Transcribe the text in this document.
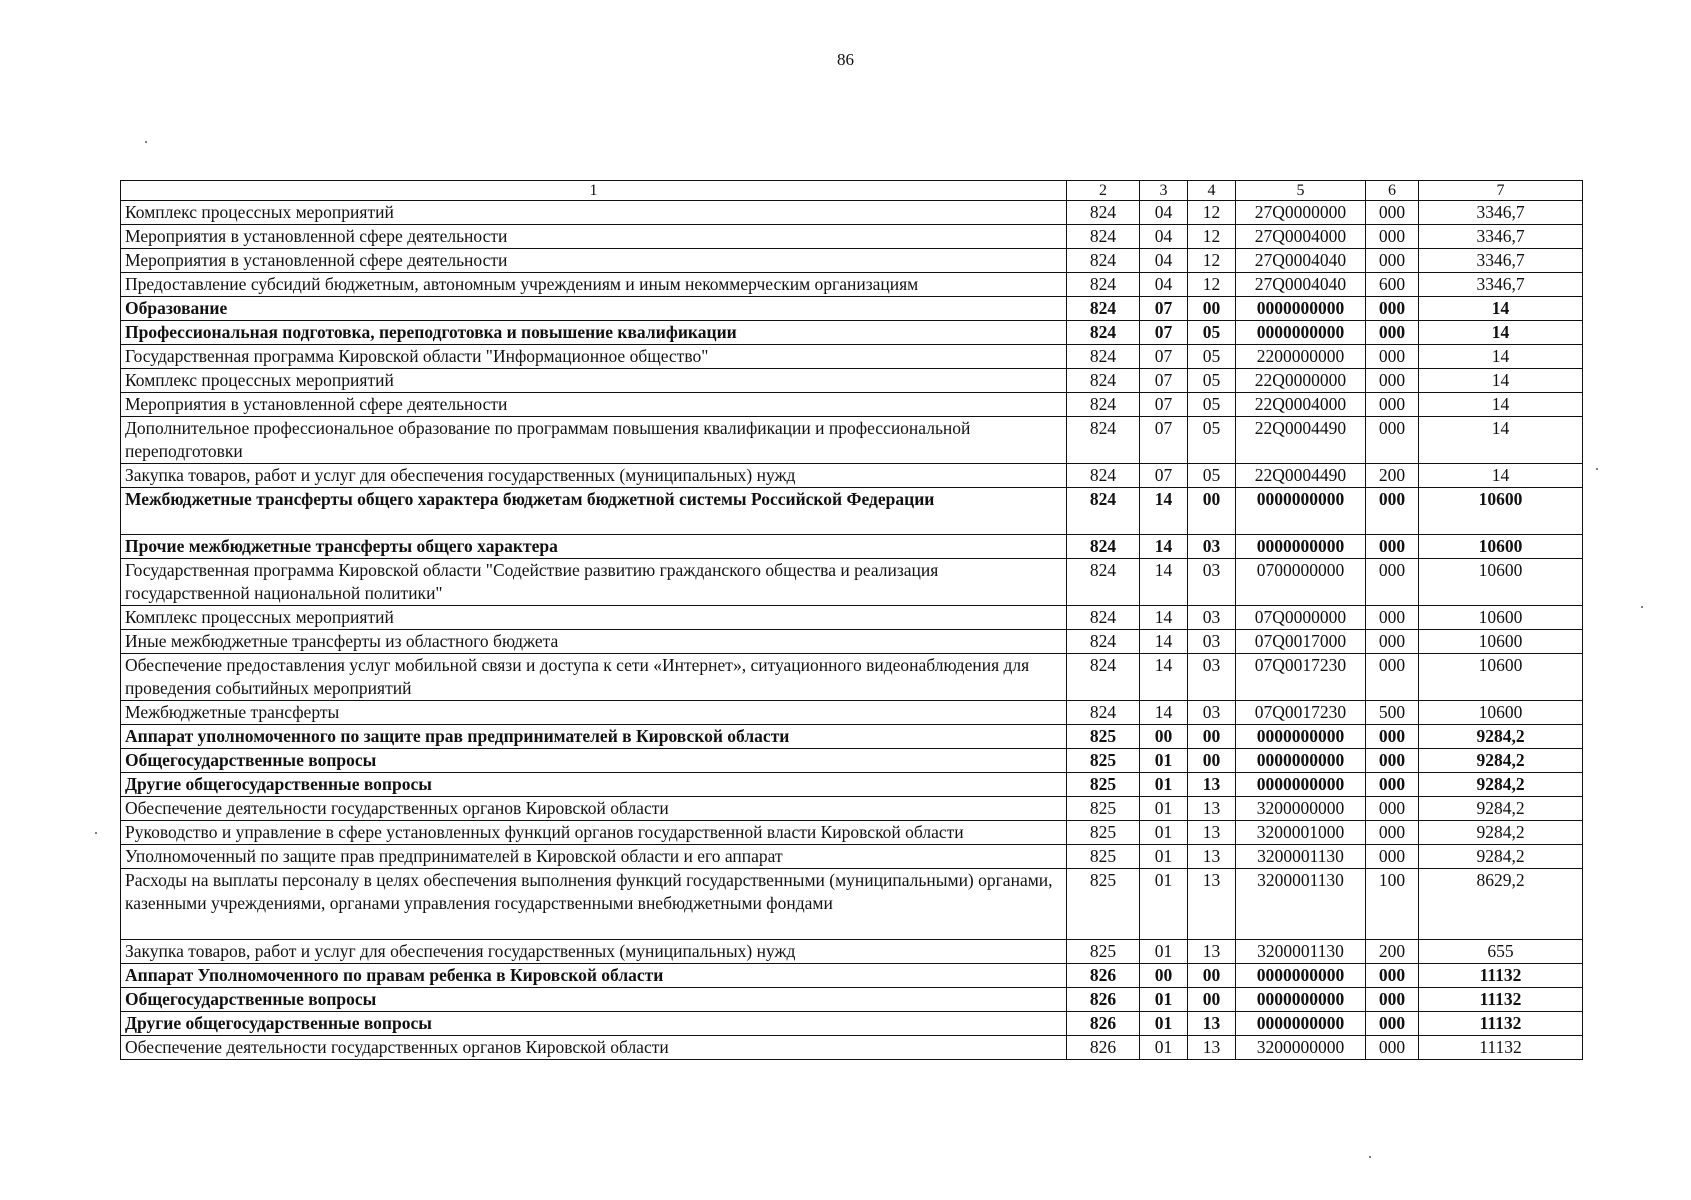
86
1	2	3	4	5	6	7
Комплекс процессных мероприятий	824	04	12	27Q0000000	000	3346,7
Мероприятия в установленной сфере деятельности	824	04	12	27Q0004000	000	3346,7
Мероприятия в установленной сфере деятельности	824	04	12	27Q0004040	000	3346,7
Предоставление субсидий бюджетным, автономным учреждениям и иным некоммерческим организациям	824	04	12	27Q0004040	600	3346,7
Образование	824	07	00	0000000000	000	14
Профессиональная подготовка, переподготовка и повышение квалификации	824	07	05	0000000000	000	14
Государственная программа Кировской области "Информационное общество"	824	07	05	2200000000	000	14
Комплекс процессных мероприятий	824	07	05	22Q0000000	000	14
Мероприятия в установленной сфере деятельности	824	07	05	22Q0004000	000	14
Дополнительное профессиональное образование по программам повышения квалификации и профессиональной переподготовки	824	07	05	22Q0004490	000	14
Закупка товаров, работ и услуг для обеспечения государственных (муниципальных) нужд	824	07	05	22Q0004490	200	14
Межбюджетные трансферты общего характера бюджетам бюджетной системы Российской Федерации	824	14	00	0000000000	000	10600
Прочие межбюджетные трансферты общего характера	824	14	03	0000000000	000	10600
Государственная программа Кировской области "Содействие развитию гражданского общества и реализация государственной национальной политики"	824	14	03	0700000000	000	10600
Комплекс процессных мероприятий	824	14	03	07Q0000000	000	10600
Иные межбюджетные трансферты из областного бюджета	824	14	03	07Q0017000	000	10600
Обеспечение предоставления услуг мобильной связи и доступа к сети «Интернет», ситуационного видеонаблюдения для проведения событийных мероприятий	824	14	03	07Q0017230	000	10600
Межбюджетные трансферты	824	14	03	07Q0017230	500	10600
Аппарат уполномоченного по защите прав предпринимателей в Кировской области	825	00	00	0000000000	000	9284,2
Общегосударственные вопросы	825	01	00	0000000000	000	9284,2
Другие общегосударственные вопросы	825	01	13	0000000000	000	9284,2
Обеспечение деятельности государственных органов Кировской области	825	01	13	3200000000	000	9284,2
Руководство и управление в сфере установленных функций органов государственной власти Кировской области	825	01	13	3200001000	000	9284,2
Уполномоченный по защите прав предпринимателей в Кировской области и его аппарат	825	01	13	3200001130	000	9284,2
Расходы на выплаты персоналу в целях обеспечения выполнения функций государственными (муниципальными) органами, казенными учреждениями, органами управления государственными внебюджетными фондами	825	01	13	3200001130	100	8629,2
Закупка товаров, работ и услуг для обеспечения государственных (муниципальных) нужд	825	01	13	3200001130	200	655
Аппарат Уполномоченного по правам ребенка в Кировской области	826	00	00	0000000000	000	11132
Общегосударственные вопросы	826	01	00	0000000000	000	11132
Другие общегосударственные вопросы	826	01	13	0000000000	000	11132
Обеспечение деятельности государственных органов Кировской области	826	01	13	3200000000	000	11132
